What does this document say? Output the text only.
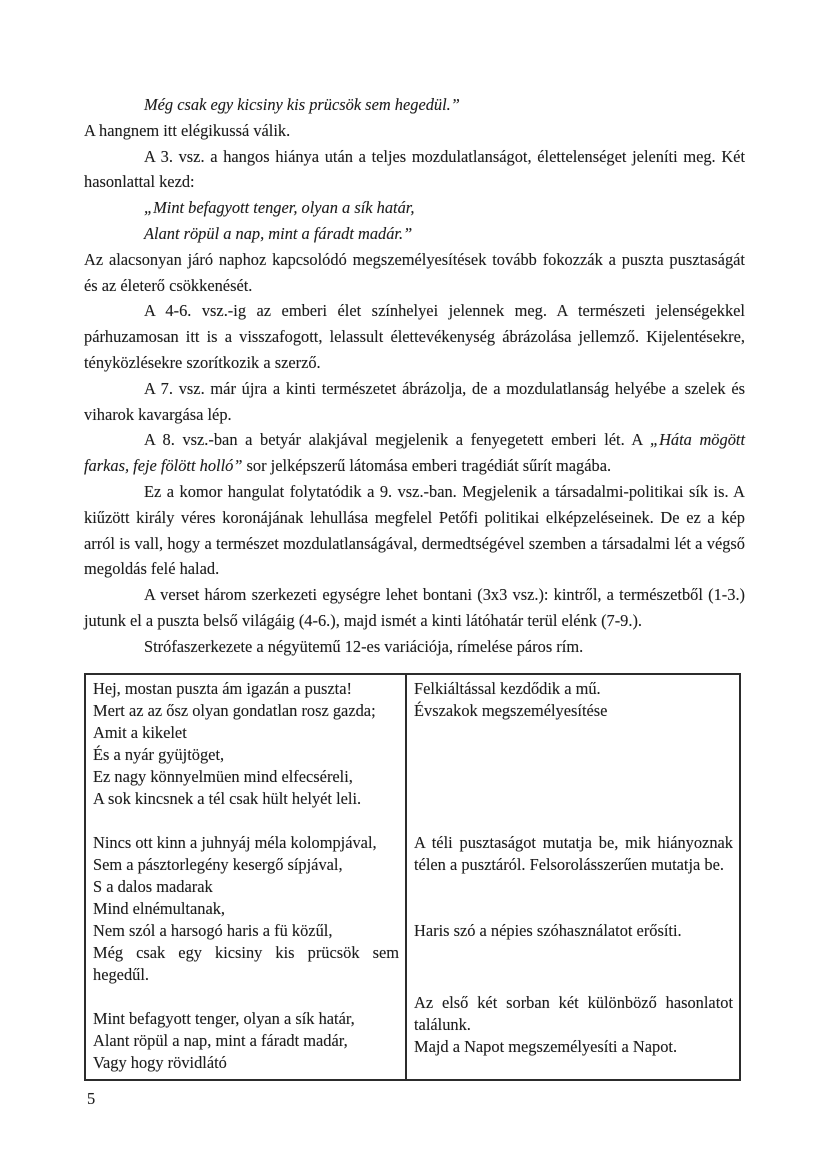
Még csak egy kicsiny kis prücsök sem hegedül.”

A hangnem itt elégikussá válik.

A 3. vsz. a hangos hiánya után a teljes mozdulatlanságot, élettelenséget jeleníti meg. Két hasonlattal kezd:

„Mint befagyott tenger, olyan a sík határ,

Alant röpül a nap, mint a fáradt madár.”

Az alacsonyan járó naphoz kapcsolódó megszemélyesítések tovább fokozzák a puszta pusztaságát és az életerő csökkenését.

A 4-6. vsz.-ig az emberi élet színhelyei jelennek meg. A természeti jelenségekkel párhuzamosan itt is a visszafogott, lelassult élettevékenység ábrázolása jellemző. Kijelentésekre, tényközlésekre szorítkozik a szerző.

A 7. vsz. már újra a kinti természetet ábrázolja, de a mozdulatlanság helyébe a szelek és viharok kavargása lép.

A 8. vsz.-ban a betyár alakjával megjelenik a fenyegetett emberi lét. A „Háta mögött farkas, feje fölött holló” sor jelképszerű látomása emberi tragédiát sűrít magába.

Ez a komor hangulat folytatódik a 9. vsz.-ban. Megjelenik a társadalmi-politikai sík is. A kiűzött király véres koronájának lehullása megfelel Petőfi politikai elképzeléseinek. De ez a kép arról is vall, hogy a természet mozdulatlanságával, dermedtségével szemben a társadalmi lét a végső megoldás felé halad.

A verset három szerkezeti egységre lehet bontani (3x3 vsz.): kintről, a természetből (1-3.) jutunk el a puszta belső világáig (4-6.), majd ismét a kinti látóhatár terül elénk (7-9.).

Strófaszerkezete a négyütemű 12-es variációja, rímelése páros rím.

Hej, mostan puszta ám igazán a puszta!
Mert az az ősz olyan gondatlan rosz gazda;
Amit a kikelet
És a nyár gyüjtöget,
Ez nagy könnyelmüen mind elfecséreli,
A sok kincsnek a tél csak hült helyét leli.
Nincs ott kinn a juhnyáj méla kolompjával,
Sem a pásztorlegény kesergő sípjával,
S a dalos madarak
Mind elnémultanak,
Nem szól a harsogó haris a fü közűl,
Még csak egy kicsiny kis prücsök sem hegedűl.
Mint befagyott tenger, olyan a sík határ,
Alant röpül a nap, mint a fáradt madár,
Vagy hogy rövidlátó
Felkiáltással kezdődik a mű.
Évszakok megszemélyesítése
A téli pusztaságot mutatja be, mik hiányoznak télen a pusztáról. Felsorolásszerűen mutatja be.
Haris szó a népies szóhasználatot erősíti.
Az első két sorban két különböző hasonlatot találunk.
Majd a Napot megszemélyesíti a Napot.
5
